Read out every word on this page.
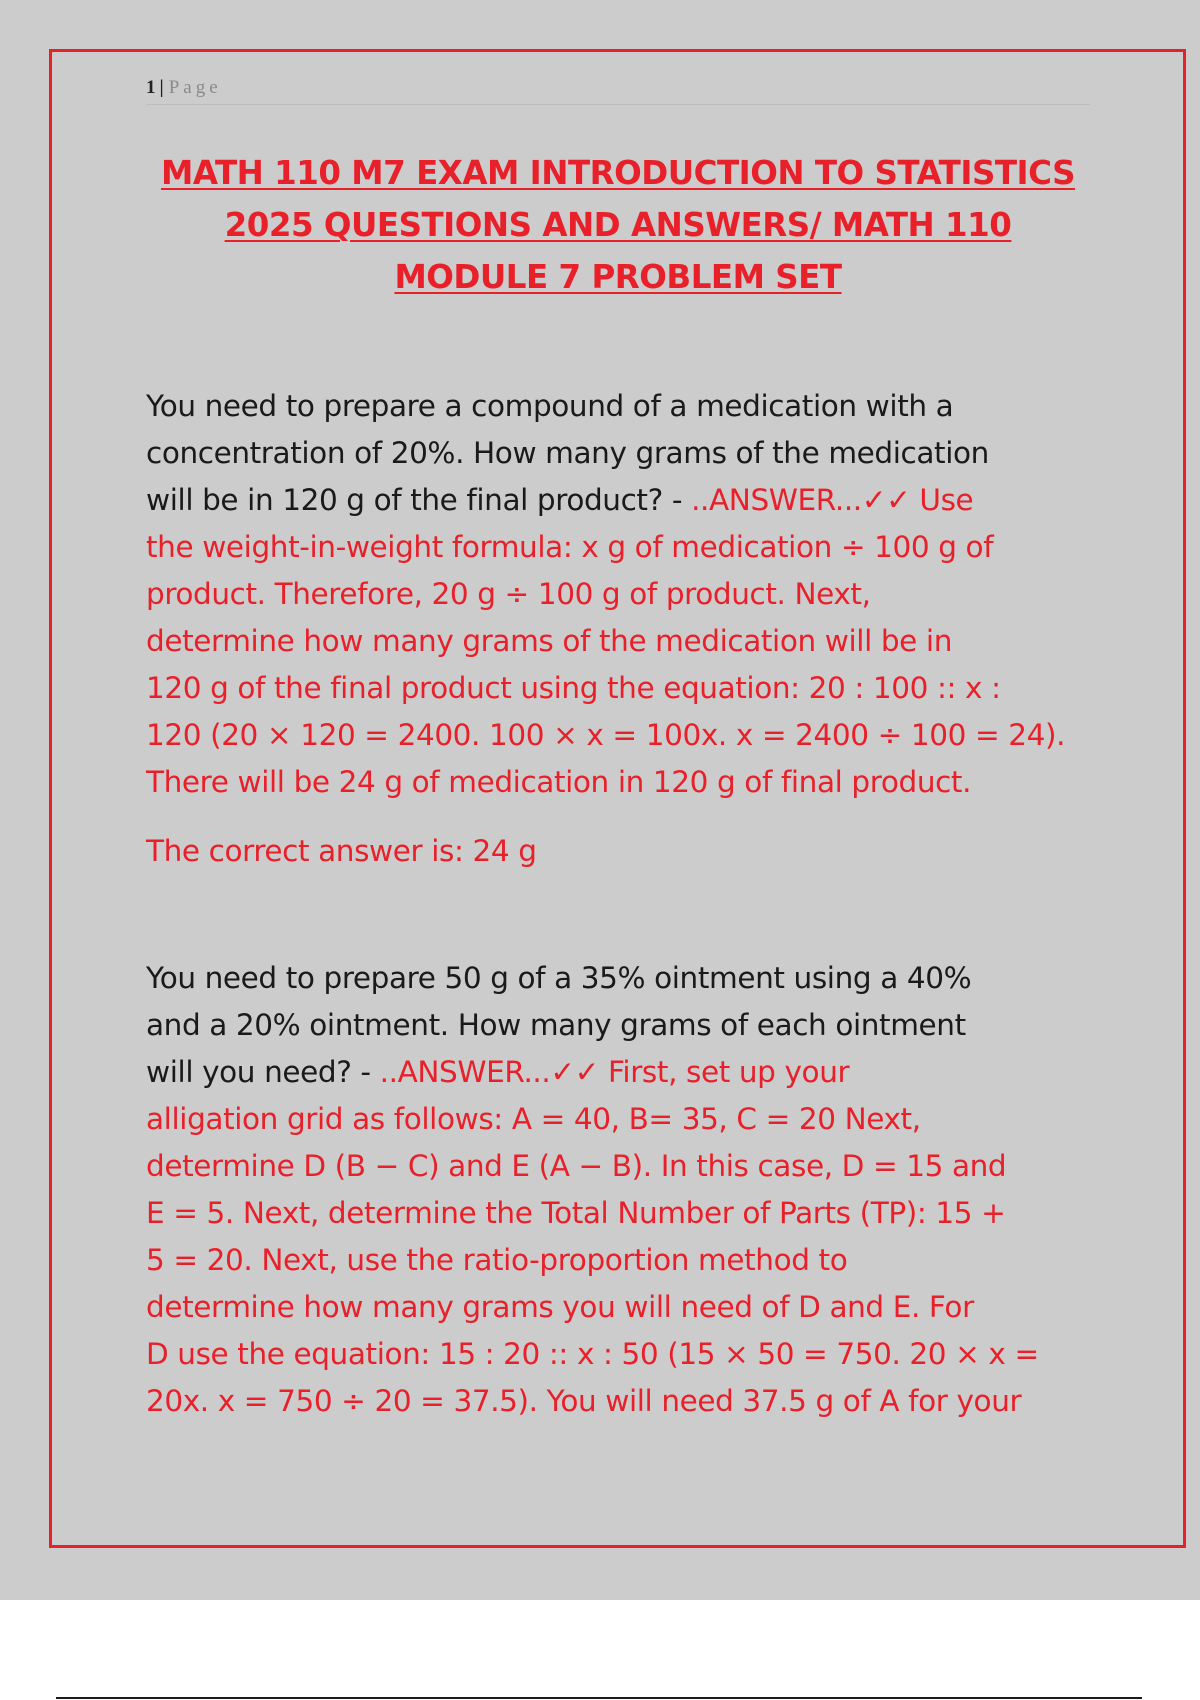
1 | Page
MATH 110 M7 EXAM INTRODUCTION TO STATISTICS
2025 QUESTIONS AND ANSWERS/ MATH 110
MODULE 7 PROBLEM SET
You need to prepare a compound of a medication with a
concentration of 20%. How many grams of the medication
will be in 120 g of the final product? - ..ANSWER...✓✓ Use
the weight-in-weight formula: x g of medication ÷ 100 g of
product. Therefore, 20 g ÷ 100 g of product. Next,
determine how many grams of the medication will be in
120 g of the final product using the equation: 20 : 100 :: x :
120 (20 × 120 = 2400. 100 × x = 100x. x = 2400 ÷ 100 = 24).
There will be 24 g of medication in 120 g of final product.

The correct answer is: 24 g

You need to prepare 50 g of a 35% ointment using a 40%
and a 20% ointment. How many grams of each ointment
will you need? - ..ANSWER...✓✓ First, set up your
alligation grid as follows: A = 40, B= 35, C = 20 Next,
determine D (B − C) and E (A − B). In this case, D = 15 and
E = 5. Next, determine the Total Number of Parts (TP): 15 +
5 = 20. Next, use the ratio-proportion method to
determine how many grams you will need of D and E. For
D use the equation: 15 : 20 :: x : 50 (15 × 50 = 750. 20 × x =
20x. x = 750 ÷ 20 = 37.5). You will need 37.5 g of A for your
